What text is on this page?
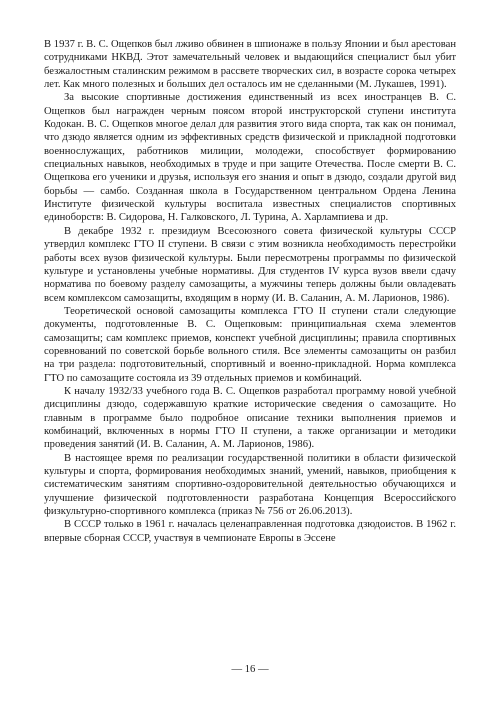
В 1937 г. В. С. Ощепков был лживо обвинен в шпионаже в пользу Японии и был арестован сотрудниками НКВД. Этот замечательный человек и выдающийся специалист был убит безжалостным сталинским режимом в рассвете творческих сил, в возрасте сорока четырех лет. Как много полезных и больших дел осталось им не сделанными (М. Лукашев, 1991).

За высокие спортивные достижения единственный из всех иностранцев В. С. Ощепков был награжден черным поясом второй инструкторской ступени института Кодокан. В. С. Ощепков многое делал для развития этого вида спорта, так как он понимал, что дзюдо является одним из эффективных средств физической и прикладной подготовки военнослужащих, работников милиции, молодежи, способствует формированию специальных навыков, необходимых в труде и при защите Отечества. После смерти В. С. Ощепкова его ученики и друзья, используя его знания и опыт в дзюдо, создали другой вид борьбы — самбо. Созданная школа в Государственном центральном Ордена Ленина Институте физической культуры воспитала известных специалистов спортивных единоборств: В. Сидорова, Н. Галковского, Л. Турина, А. Харлампиева и др.

В декабре 1932 г. президиум Всесоюзного совета физической культуры СССР утвердил комплекс ГТО II ступени. В связи с этим возникла необходимость перестройки работы всех вузов физической культуры. Были пересмотрены программы по физической культуре и установлены учебные нормативы. Для студентов IV курса вузов ввели сдачу норматива по боевому разделу самозащиты, а мужчины теперь должны были овладевать всем комплексом самозащиты, входящим в норму (И. В. Саланин, А. М. Ларионов, 1986).

Теоретической основой самозащиты комплекса ГТО II ступени стали следующие документы, подготовленные В. С. Ощепковым: принципиальная схема элементов самозащиты; сам комплекс приемов, конспект учебной дисциплины; правила спортивных соревнований по советской борьбе вольного стиля. Все элементы самозащиты он разбил на три раздела: подготовительный, спортивный и военно-прикладной. Норма комплекса ГТО по самозащите состояла из 39 отдельных приемов и комбинаций.

К началу 1932/33 учебного года В. С. Ощепков разработал программу новой учебной дисциплины дзюдо, содержавшую краткие исторические сведения о самозащите. Но главным в программе было подробное описание техники выполнения приемов и комбинаций, включенных в нормы ГТО II ступени, а также организации и методики проведения занятий (И. В. Саланин, А. М. Ларионов, 1986).

В настоящее время по реализации государственной политики в области физической культуры и спорта, формирования необходимых знаний, умений, навыков, приобщения к систематическим занятиям спортивно-оздоровительной деятельностью обучающихся и улучшение физической подготовленности разработана Концепция Всероссийского физкультурно-спортивного комплекса (приказ № 756 от 26.06.2013).

В СССР только в 1961 г. началась целенаправленная подготовка дзюдоистов. В 1962 г. впервые сборная СССР, участвуя в чемпионате Европы в Эссене

— 16 —
